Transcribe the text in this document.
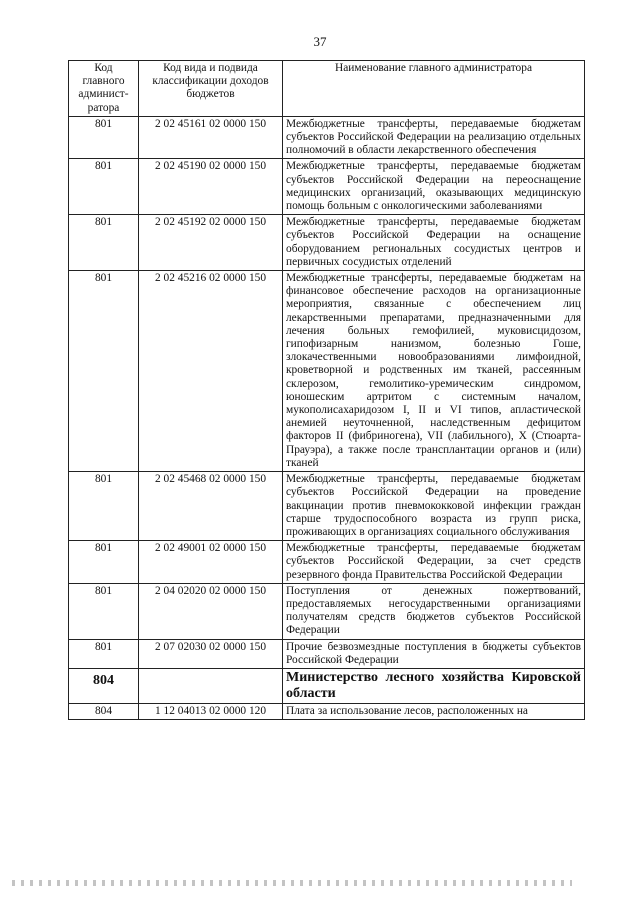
37
Код главного админист-ратора	Код вида и подвида классификации доходов бюджетов	Наименование главного администратора
801	2 02 45161 02 0000 150	Межбюджетные трансферты, передаваемые бюджетам субъектов Российской Федерации на реализацию отдельных полномочий в области лекарственного обеспечения
801	2 02 45190 02 0000 150	Межбюджетные трансферты, передаваемые бюджетам субъектов Российской Федерации на переоснащение медицинских организаций, оказывающих медицинскую помощь больным с онкологическими заболеваниями
801	2 02 45192 02 0000 150	Межбюджетные трансферты, передаваемые бюджетам субъектов Российской Федерации на оснащение оборудованием региональных сосудистых центров и первичных сосудистых отделений
801	2 02 45216 02 0000 150	Межбюджетные трансферты, передаваемые бюджетам на финансовое обеспечение расходов на организационные мероприятия, связанные с обеспечением лиц лекарственными препаратами, предназначенными для лечения больных гемофилией, муковисцидозом, гипофизарным нанизмом, болезнью Гоше, злокачественными новообразованиями лимфоидной, кроветворной и родственных им тканей, рассеянным склерозом, гемолитико-уремическим синдромом, юношеским артритом с системным началом, мукополисахаридозом I, II и VI типов, апластической анемией неуточненной, наследственным дефицитом факторов II (фибриногена), VII (лабильного), X (Стюарта-Прауэра), а также после трансплантации органов и (или) тканей
801	2 02 45468 02 0000 150	Межбюджетные трансферты, передаваемые бюджетам субъектов Российской Федерации на проведение вакцинации против пневмококковой инфекции граждан старше трудоспособного возраста из групп риска, проживающих в организациях социального обслуживания
801	2 02 49001 02 0000 150	Межбюджетные трансферты, передаваемые бюджетам субъектов Российской Федерации, за счет средств резервного фонда Правительства Российской Федерации
801	2 04 02020 02 0000 150	Поступления от денежных пожертвований, предоставляемых негосударственными организациями получателям средств бюджетов субъектов Российской Федерации
801	2 07 02030 02 0000 150	Прочие безвозмездные поступления в бюджеты субъектов Российской Федерации
804		Министерство лесного хозяйства Кировской области
804	1 12 04013 02 0000 120	Плата за использование лесов, расположенных на
